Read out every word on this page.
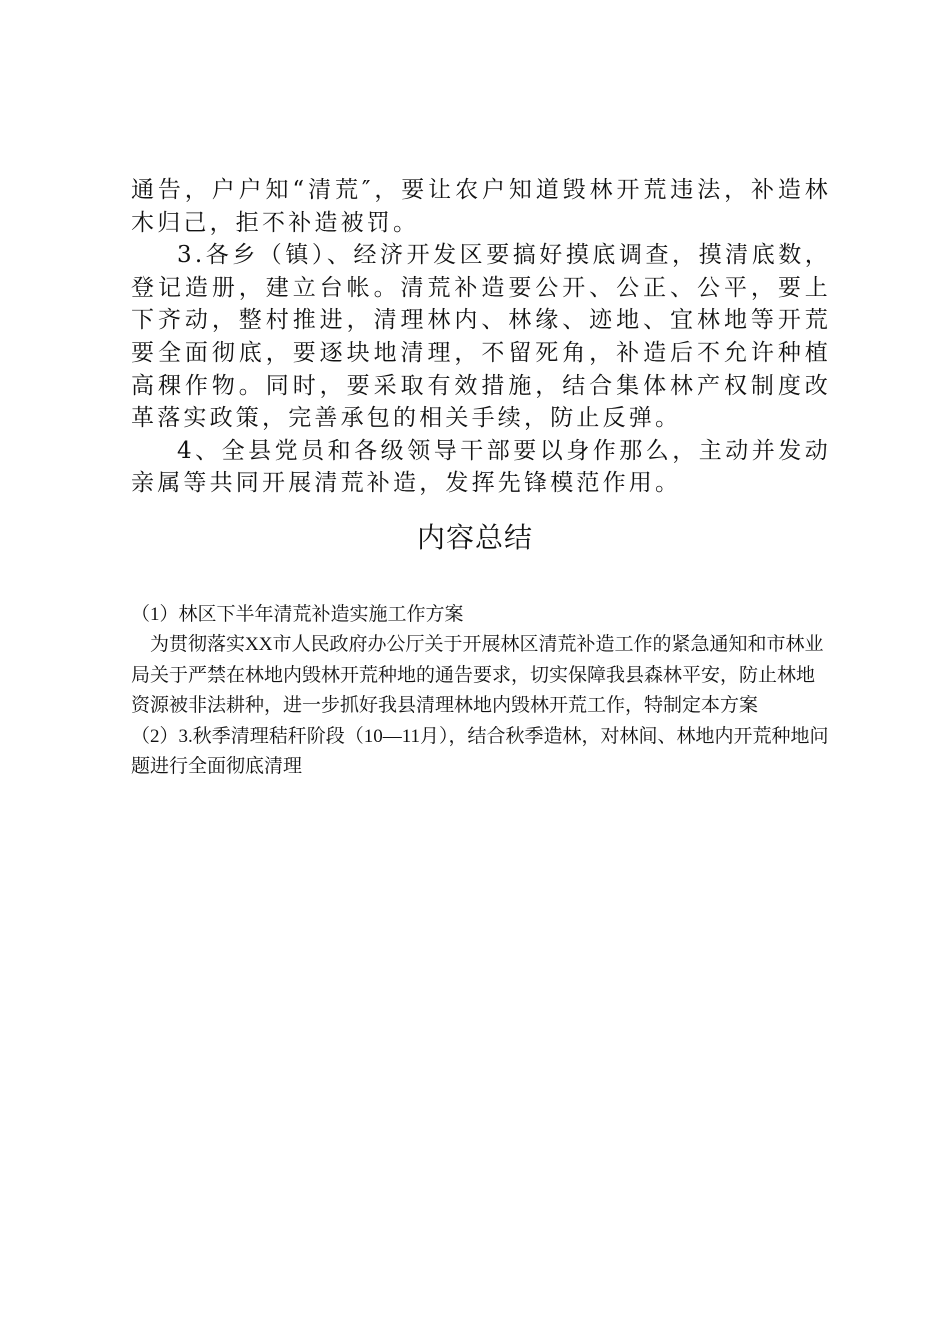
通告，户户知“清荒″，要让农户知道毁林开荒违法，补造林木归己，拒不补造被罚。

3.各乡（镇）、经济开发区要搞好摸底调查，摸清底数，登记造册，建立台帐。清荒补造要公开、公正、公平，要上下齐动，整村推进，清理林内、林缘、迹地、宜林地等开荒要全面彻底，要逐块地清理，不留死角，补造后不允许种植高稞作物。同时，要采取有效措施，结合集体林产权制度改革落实政策，完善承包的相关手续，防止反弹。

4、全县党员和各级领导干部要以身作那么，主动并发动亲属等共同开展清荒补造，发挥先锋模范作用。

内容总结

（1）林区下半年清荒补造实施工作方案

为贯彻落实XX市人民政府办公厅关于开展林区清荒补造工作的紧急通知和市林业局关于严禁在林地内毁林开荒种地的通告要求，切实保障我县森林平安，防止林地资源被非法耕种，进一步抓好我县清理林地内毁林开荒工作，特制定本方案

（2）3.秋季清理秸秆阶段（10—11月），结合秋季造林，对林间、林地内开荒种地问题进行全面彻底清理
